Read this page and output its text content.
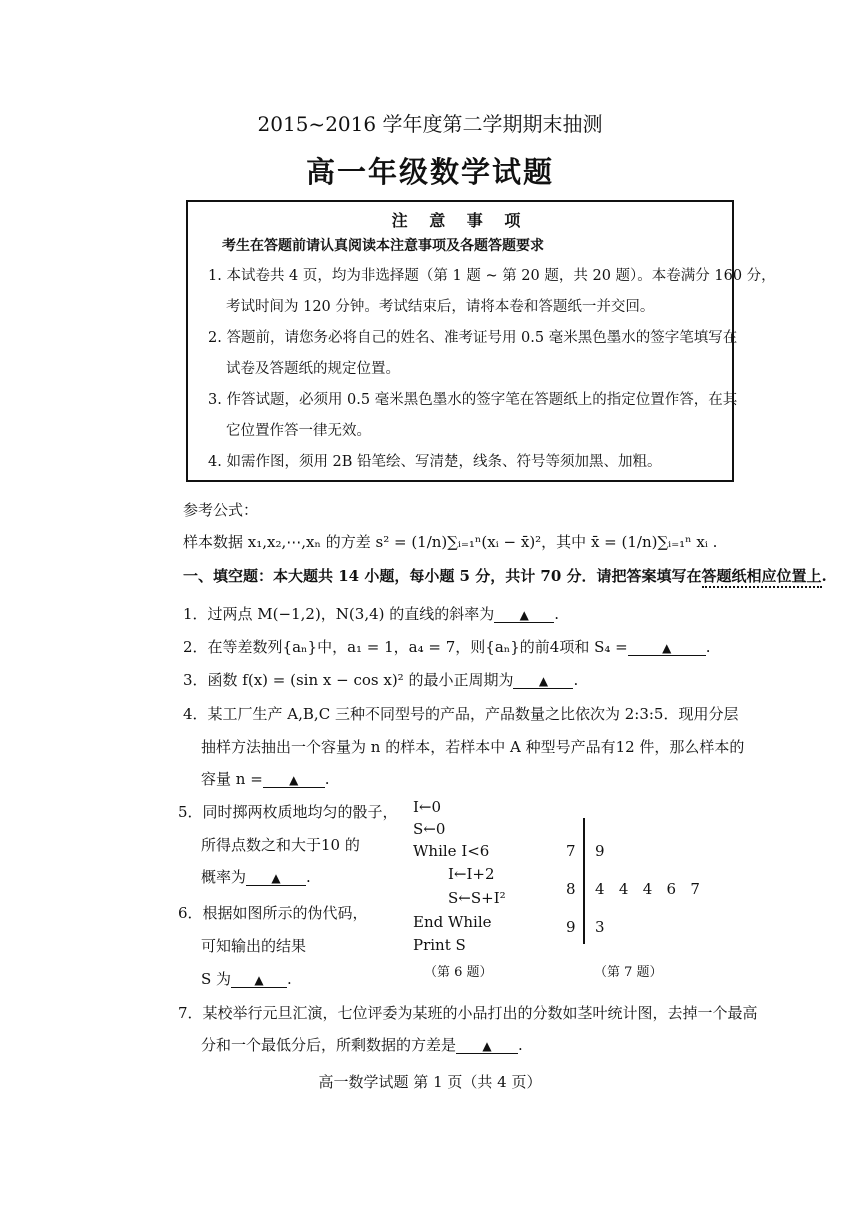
2015~2016 学年度第二学期期末抽测
高一年级数学试题
注 意 事 项
考生在答题前请认真阅读本注意事项及各题答题要求
1. 本试卷共 4 页，均为非选择题（第 1 题 ~ 第 20 题，共 20 题）。本卷满分 160 分，
考试时间为 120 分钟。考试结束后，请将本卷和答题纸一并交回。
2. 答题前，请您务必将自己的姓名、准考证号用 0.5 毫米黑色墨水的签字笔填写在
试卷及答题纸的规定位置。
3. 作答试题，必须用 0.5 毫米黑色墨水的签字笔在答题纸上的指定位置作答，在其
它位置作答一律无效。
4. 如需作图，须用 2B 铅笔绘、写清楚，线条、符号等须加黑、加粗。
参考公式：
样本数据 x₁,x₂,⋯,xₙ 的方差 s² = (1/n)∑ᵢ₌₁ⁿ(xᵢ − x̄)²，其中 x̄ = (1/n)∑ᵢ₌₁ⁿ xᵢ .
一、填空题：本大题共 14 小题，每小题 5 分，共计 70 分．请把答案填写在答题纸相应位置上.
1．过两点 M(−1,2)，N(3,4) 的直线的斜率为 ▲ .
2．在等差数列{aₙ}中，a₁ = 1，a₄ = 7，则{aₙ}的前4项和 S₄ =	▲ .
3．函数 f(x) = (sin x − cos x)² 的最小正周期为 ▲ .
4．某工厂生产 A,B,C 三种不同型号的产品，产品数量之比依次为 2:3:5．现用分层
抽样方法抽出一个容量为 n 的样本，若样本中 A 种型号产品有12 件，那么样本的
容量 n = ▲ .
5．同时掷两枚质地均匀的骰子，
所得点数之和大于10 的
概率为 ▲ .
6．根据如图所示的伪代码，
可知输出的结果
S 为 ▲ .
I←0
S←0
While I<6
I←I+2
S←S+I²
End While
Print S
（第 6 题）
7
8
9
9
4   4   4   6   7
3
（第 7 题）
7．某校举行元旦汇演，七位评委为某班的小品打出的分数如茎叶统计图，去掉一个最高
分和一个最低分后，所剩数据的方差是 ▲ .
高一数学试题 第 1 页（共 4 页）
